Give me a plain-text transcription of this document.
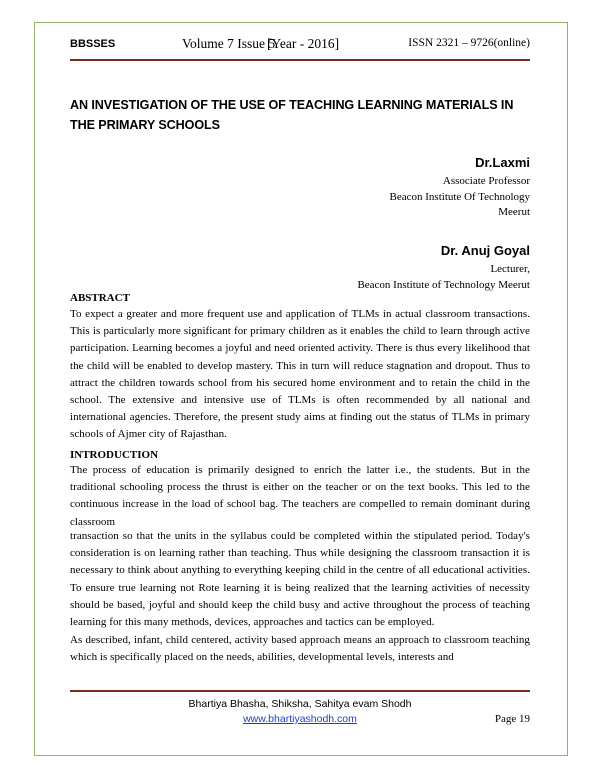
BBSSES	Volume 7 Issue 5
[Year - 2016]	ISSN 2321 – 9726(online)
AN INVESTIGATION OF THE USE OF TEACHING LEARNING MATERIALS IN THE PRIMARY SCHOOLS
Dr.Laxmi
Associate Professor
Beacon Institute Of Technology
Meerut
Dr. Anuj Goyal
Lecturer,
Beacon Institute of Technology Meerut
ABSTRACT

To expect a greater and more frequent use and application of TLMs in actual classroom transactions. This is particularly more significant for primary children as it enables the child to learn through active participation. Learning becomes a joyful and need oriented activity. There is thus every likelihood that the child will be enabled to develop mastery. This in turn will reduce stagnation and dropout. Thus to attract the children towards school from his secured home environment and to retain the child in the school. The extensive and intensive use of TLMs is often recommended by all national and international agencies. Therefore, the present study aims at finding out the status of TLMs in primary schools of Ajmer city of Rajasthan.

INTRODUCTION

The process of education is primarily designed to enrich the latter i.e., the students. But in the traditional schooling process the thrust is either on the teacher or on the text books. This led to the continuous increase in the load of school bag. The teachers are compelled to remain dominant during classroom

transaction so that the units in the syllabus could be completed within the stipulated period. Today's consideration is on learning rather than teaching. Thus while designing the classroom transaction it is necessary to think about anything to everything keeping child in the centre of all educational activities. To ensure true learning not Rote learning it is being realized that the learning activities of necessity should be based, joyful and should keep the child busy and active throughout the process of teaching learning for this many methods, devices, approaches and tactics can be employed.

As described, infant, child centered, activity based approach means an approach to classroom teaching which is specifically placed on the needs, abilities, developmental levels, interests and

Bhartiya Bhasha, Shiksha, Sahitya evam Shodh
www.bhartiyashodh.com	Page 19
